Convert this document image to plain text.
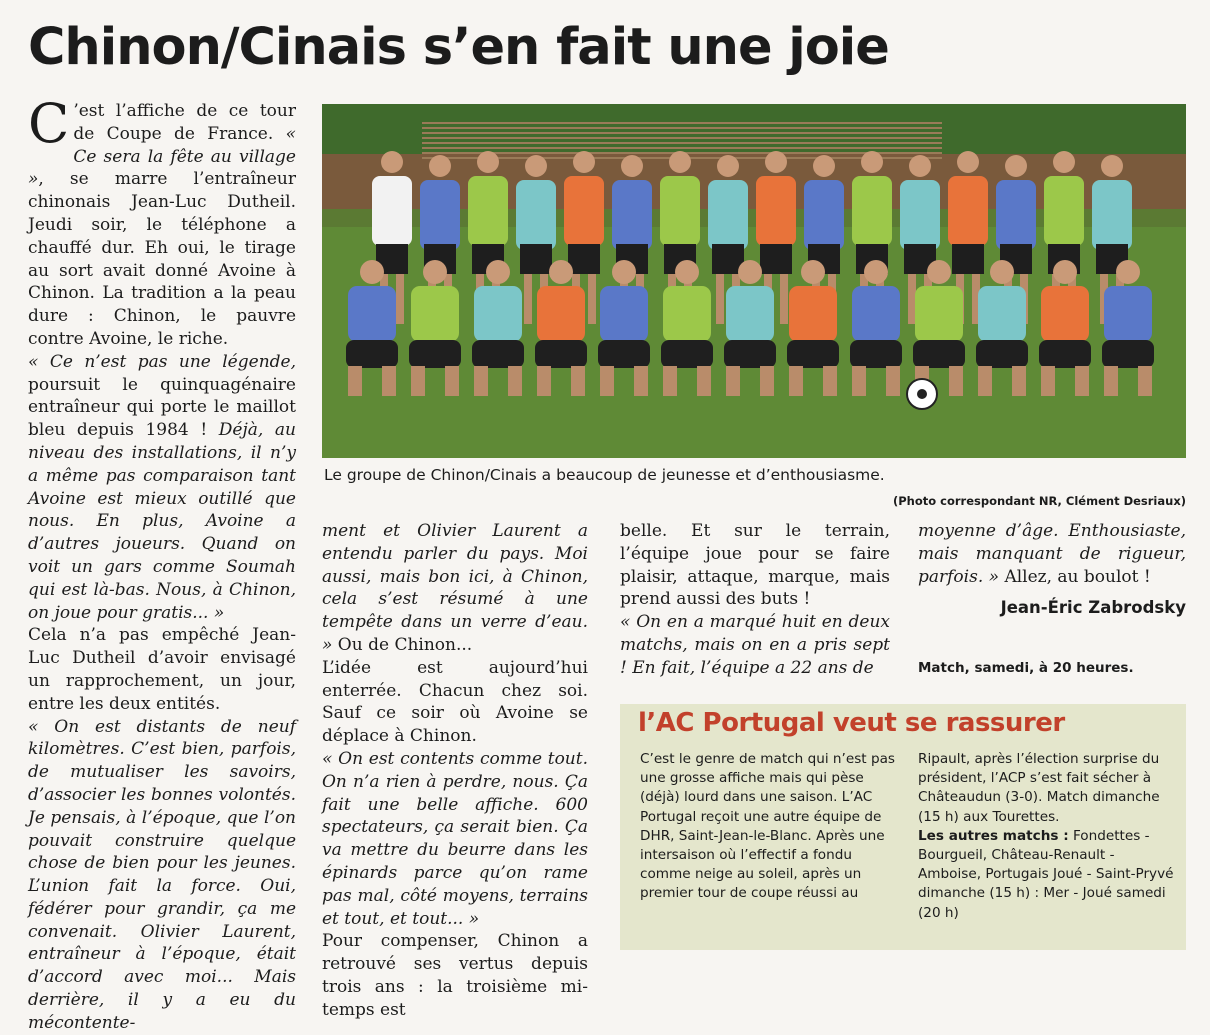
Chinon/Cinais s’en fait une joie

C ’est l’affiche de ce tour de Coupe de France. « Ce sera la fête au village », se marre l’entraîneur chinonais Jean-Luc Dutheil. Jeudi soir, le téléphone a chauffé dur. Eh oui, le tirage au sort avait donné Avoine à Chinon. La tradition a la peau dure : Chinon, le pauvre contre Avoine, le riche.

« Ce n’est pas une légende, poursuit le quinquagénaire entraîneur qui porte le maillot bleu depuis 1984 ! Déjà, au niveau des installations, il n’y a même pas comparaison tant Avoine est mieux outillé que nous. En plus, Avoine a d’autres joueurs. Quand on voit un gars comme Soumah qui est là-bas. Nous, à Chinon, on joue pour gratis... »

Cela n’a pas empêché Jean-Luc Dutheil d’avoir envisagé un rapprochement, un jour, entre les deux entités.

« On est distants de neuf kilomètres. C’est bien, parfois, de mutualiser les savoirs, d’associer les bonnes volontés. Je pensais, à l’époque, que l’on pouvait construire quelque chose de bien pour les jeunes. L’union fait la force. Oui, fédérer pour grandir, ça me convenait. Olivier Laurent, entraîneur à l’époque, était d’accord avec moi... Mais derrière, il y a eu du mécontente-

Le groupe de Chinon/Cinais a beaucoup de jeunesse et d’enthousiasme.
(Photo correspondant NR, Clément Desriaux)

ment et Olivier Laurent a entendu parler du pays. Moi aussi, mais bon ici, à Chinon, cela s’est résumé à une tempête dans un verre d’eau. » Ou de Chinon...

L’idée est aujourd’hui enterrée. Chacun chez soi. Sauf ce soir où Avoine se déplace à Chinon.

« On est contents comme tout. On n’a rien à perdre, nous. Ça fait une belle affiche. 600 spectateurs, ça serait bien. Ça va mettre du beurre dans les épinards parce qu’on rame pas mal, côté moyens, terrains et tout, et tout... »

Pour compenser, Chinon a retrouvé ses vertus depuis trois ans : la troisième mi-temps est

belle. Et sur le terrain, l’équipe joue pour se faire plaisir, attaque, marque, mais prend aussi des buts !

« On en a marqué huit en deux matchs, mais on en a pris sept ! En fait, l’équipe a 22 ans de

moyenne d’âge. Enthousiaste, mais manquant de rigueur, parfois. » Allez, au boulot !

Jean-Éric Zabrodsky
Match, samedi, à 20 heures.
l’AC Portugal veut se rassurer

C’est le genre de match qui n’est pas une grosse affiche mais qui pèse (déjà) lourd dans une saison. L’AC Portugal reçoit une autre équipe de DHR, Saint-Jean-le-Blanc. Après une intersaison où l’effectif a fondu comme neige au soleil, après un premier tour de coupe réussi au

Ripault, après l’élection surprise du président, l’ACP s’est fait sécher à Châteaudun (3-0). Match dimanche (15 h) aux Tourettes.

Les autres matchs : Fondettes - Bourgueil, Château-Renault - Amboise, Portugais Joué - Saint-Pryvé dimanche (15 h) : Mer - Joué samedi (20 h)
